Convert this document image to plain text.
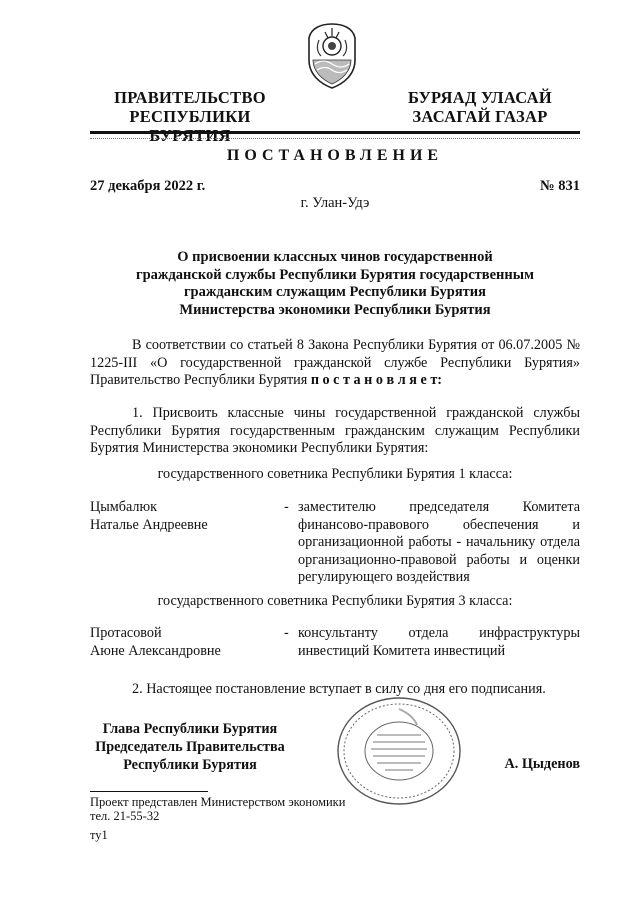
ПРАВИТЕЛЬСТВО
РЕСПУБЛИКИ БУРЯТИЯ
БУРЯАД УЛАСАЙ
ЗАСАГАЙ ГАЗАР
ПОСТАНОВЛЕНИЕ
27 декабря 2022 г.	№ 831
г. Улан-Удэ
О присвоении классных чинов государственной
гражданской службы Республики Бурятия государственным
гражданским служащим Республики Бурятия
Министерства экономики Республики Бурятия
В соответствии со статьей 8 Закона Республики Бурятия от 06.07.2005 № 1225-III «О государственной гражданской службе Республики Бурятия» Правительство Республики Бурятия п о с т а н о в л я е т:
1. Присвоить классные чины государственной гражданской службы Республики Бурятия государственным гражданским служащим Республики Бурятия Министерства экономики Республики Бурятия:
государственного советника Республики Бурятия 1 класса:
Цымбалюк
Наталье Андреевне
- заместителю председателя Комитета финансово-правового обеспечения и организационной работы - начальнику отдела организационно-правовой работы и оценки регулирующего воздействия
государственного советника Республики Бурятия 3 класса:
Протасовой
Аюне Александровне
- консультанту отдела инфраструктуры инвестиций Комитета инвестиций
2. Настоящее постановление вступает в силу со дня его подписания.
Глава Республики Бурятия
Председатель Правительства
Республики Бурятия	А. Цыденов
Проект представлен Министерством экономики
тел. 21-55-32
ту1
